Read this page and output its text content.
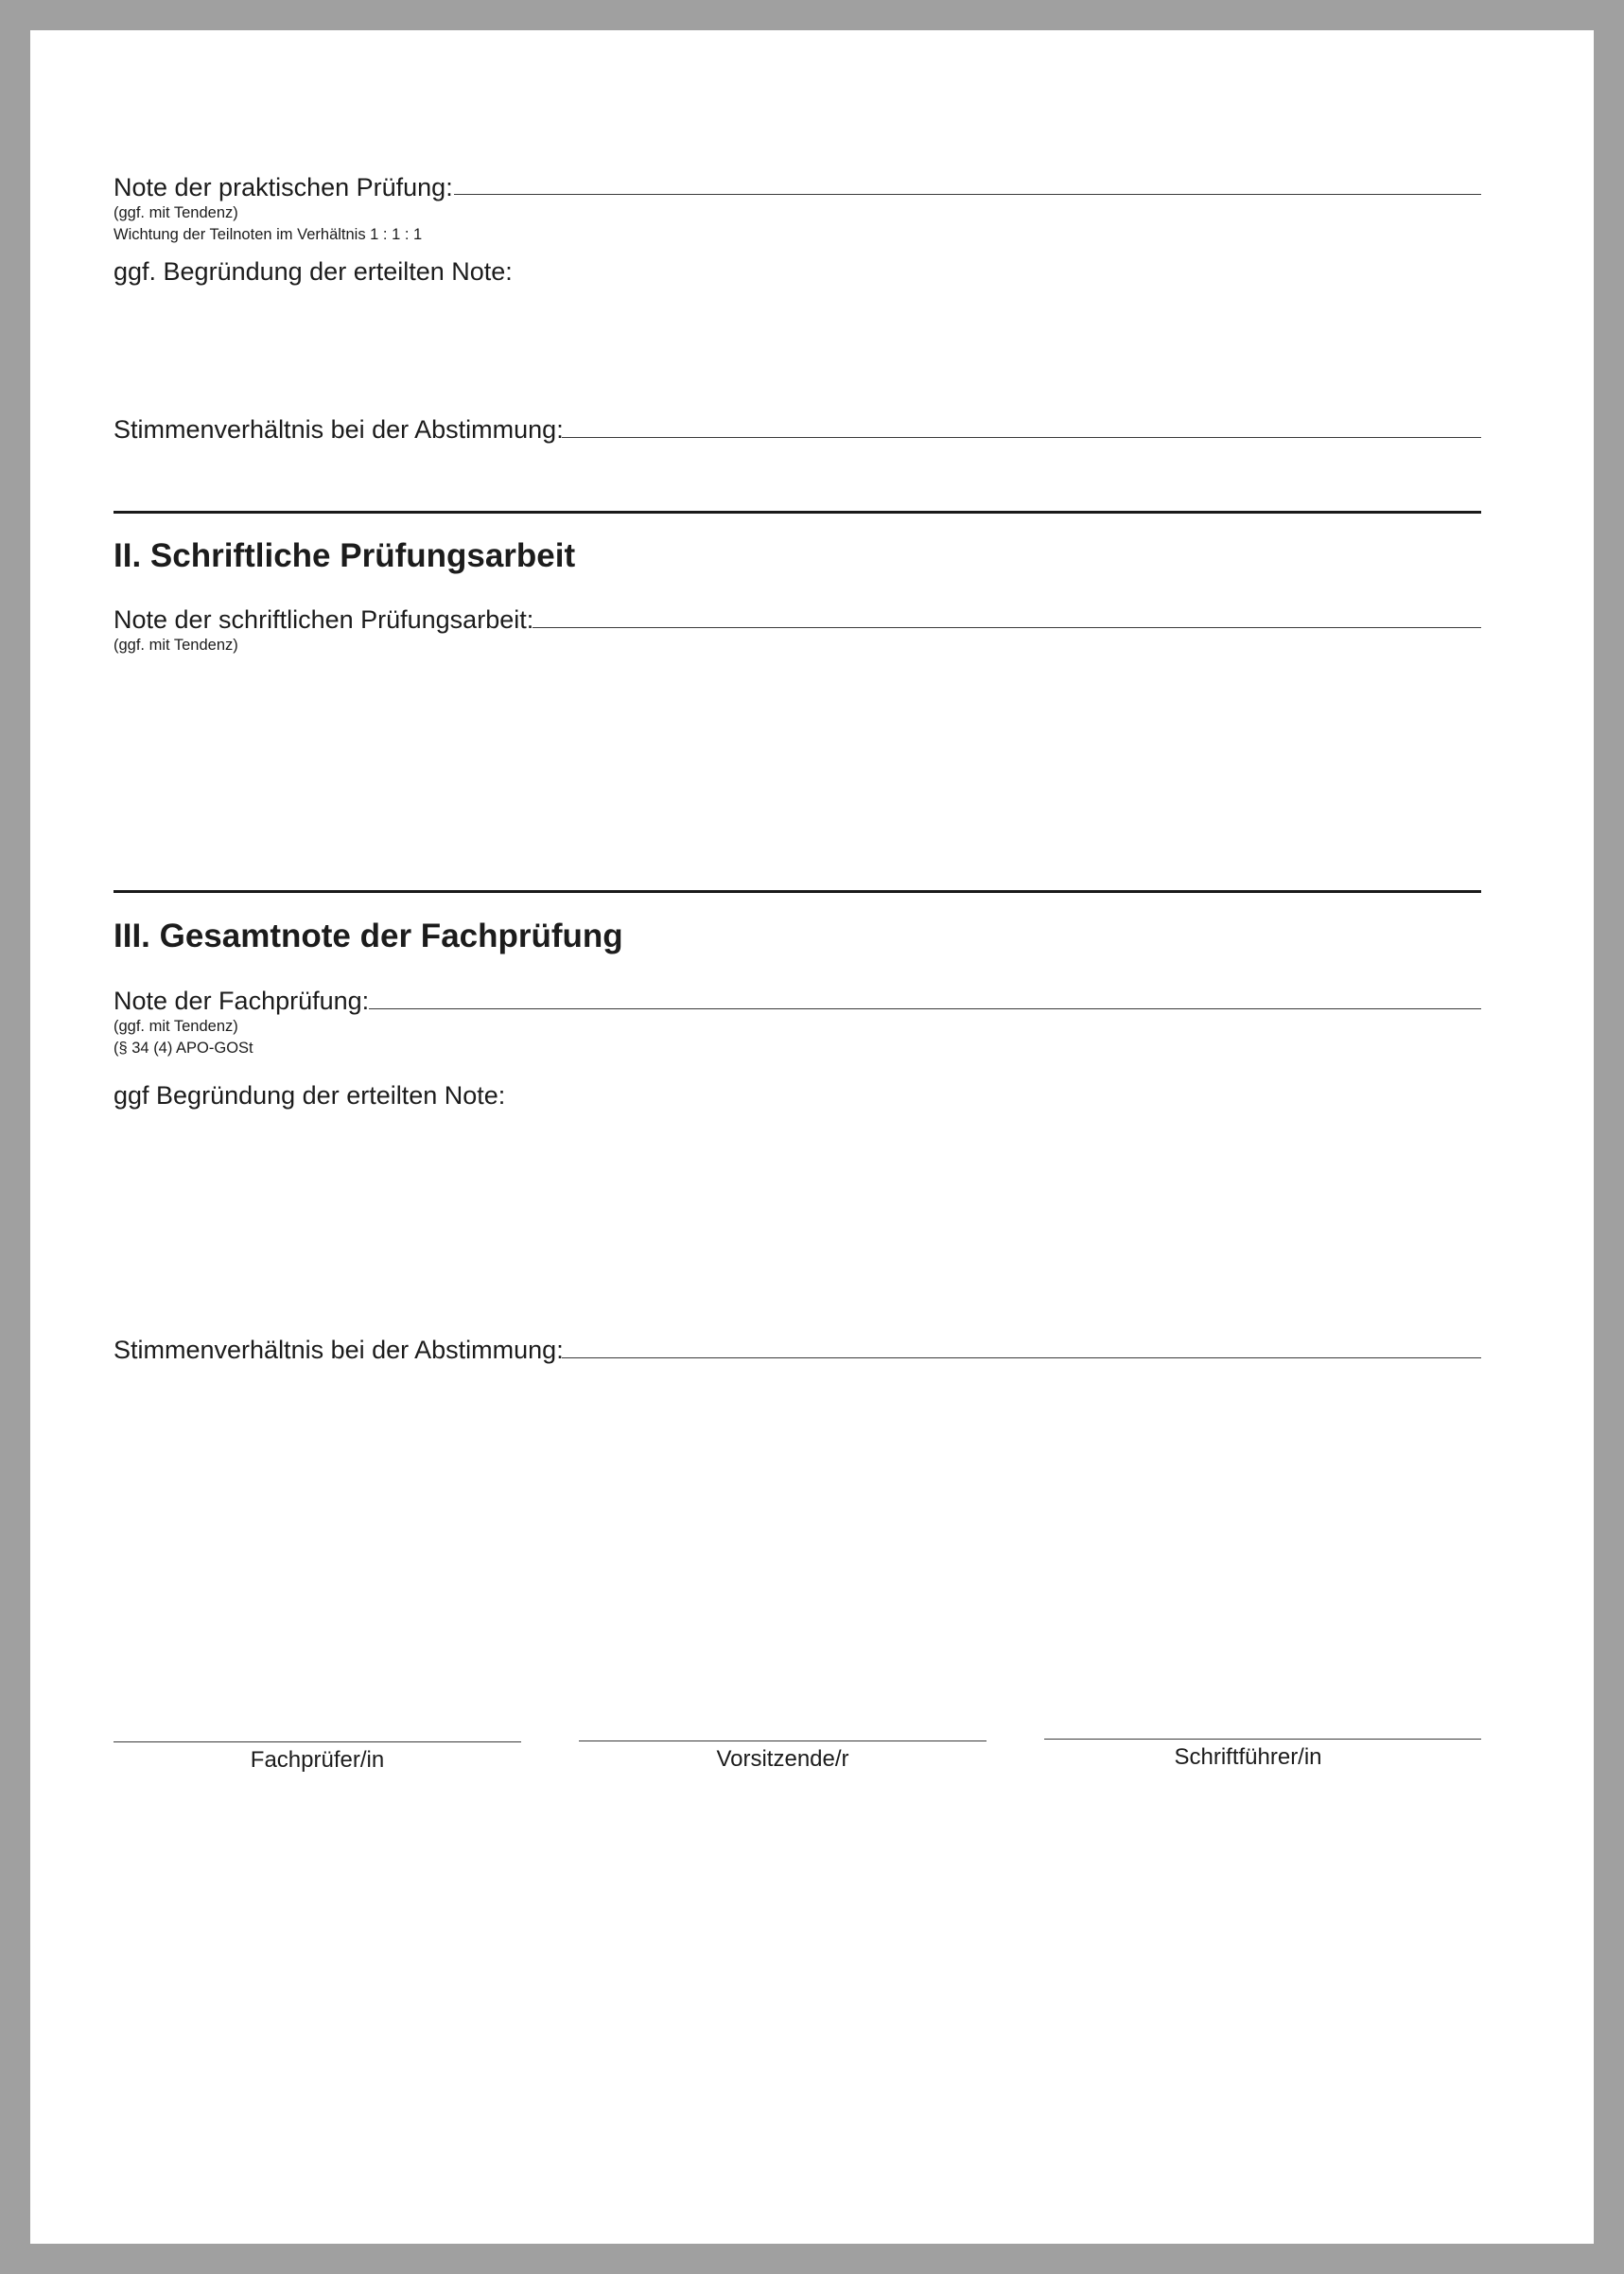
Note der praktischen Prüfung:
(ggf. mit Tendenz)
Wichtung der Teilnoten im Verhältnis 1 : 1 : 1
ggf. Begründung der erteilten Note:
Stimmenverhältnis bei der Abstimmung:
II. Schriftliche Prüfungsarbeit
Note der schriftlichen Prüfungsarbeit:
(ggf. mit Tendenz)
III. Gesamtnote der Fachprüfung
Note der Fachprüfung:
(ggf. mit Tendenz)
(§ 34 (4) APO-GOSt
ggf Begründung der erteilten Note:
Stimmenverhältnis bei der Abstimmung:
Fachprüfer/in	Vorsitzende/r	Schriftführer/in
